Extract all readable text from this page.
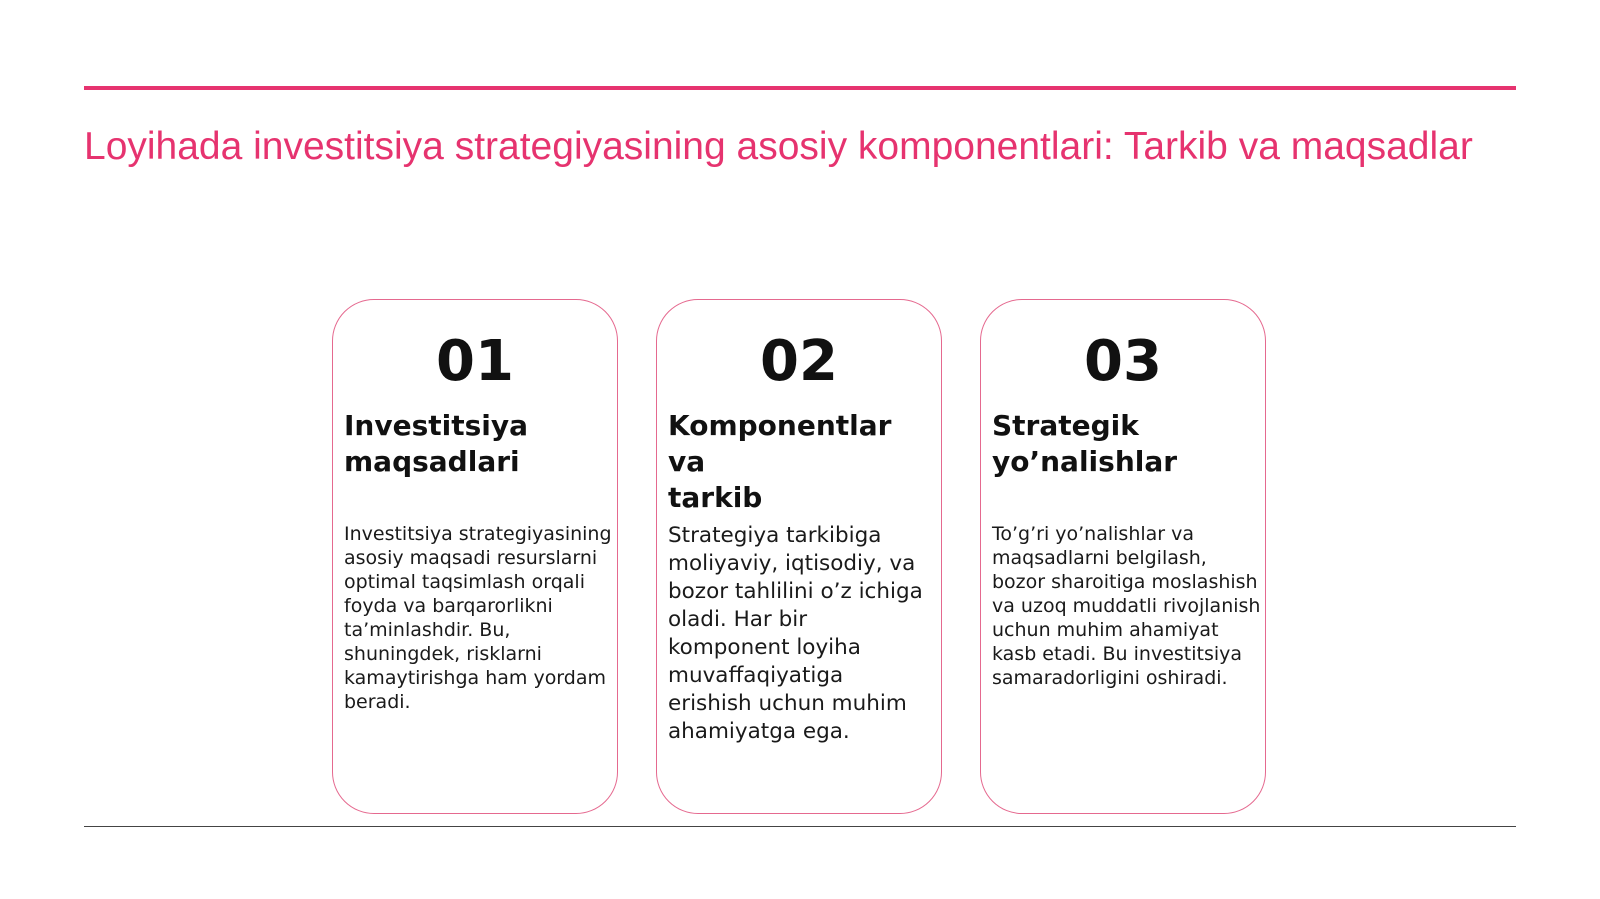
Loyihada investitsiya strategiyasining asosiy komponentlari: Tarkib va maqsadlar
01
Investitsiya
maqsadlari
Investitsiya strategiyasining
asosiy maqsadi resurslarni
optimal taqsimlash orqali
foyda va barqarorlikni
ta’minlashdir. Bu,
shuningdek, risklarni
kamaytirishga ham yordam
beradi.
02
Komponentlar va
tarkib
Strategiya tarkibiga
moliyaviy, iqtisodiy, va
bozor tahlilini o’z ichiga
oladi. Har bir
komponent loyiha
muvaffaqiyatiga
erishish uchun muhim
ahamiyatga ega.
03
Strategik
yo’nalishlar
To’g’ri yo’nalishlar va
maqsadlarni belgilash,
bozor sharoitiga moslashish
va uzoq muddatli rivojlanish
uchun muhim ahamiyat
kasb etadi. Bu investitsiya
samaradorligini oshiradi.
